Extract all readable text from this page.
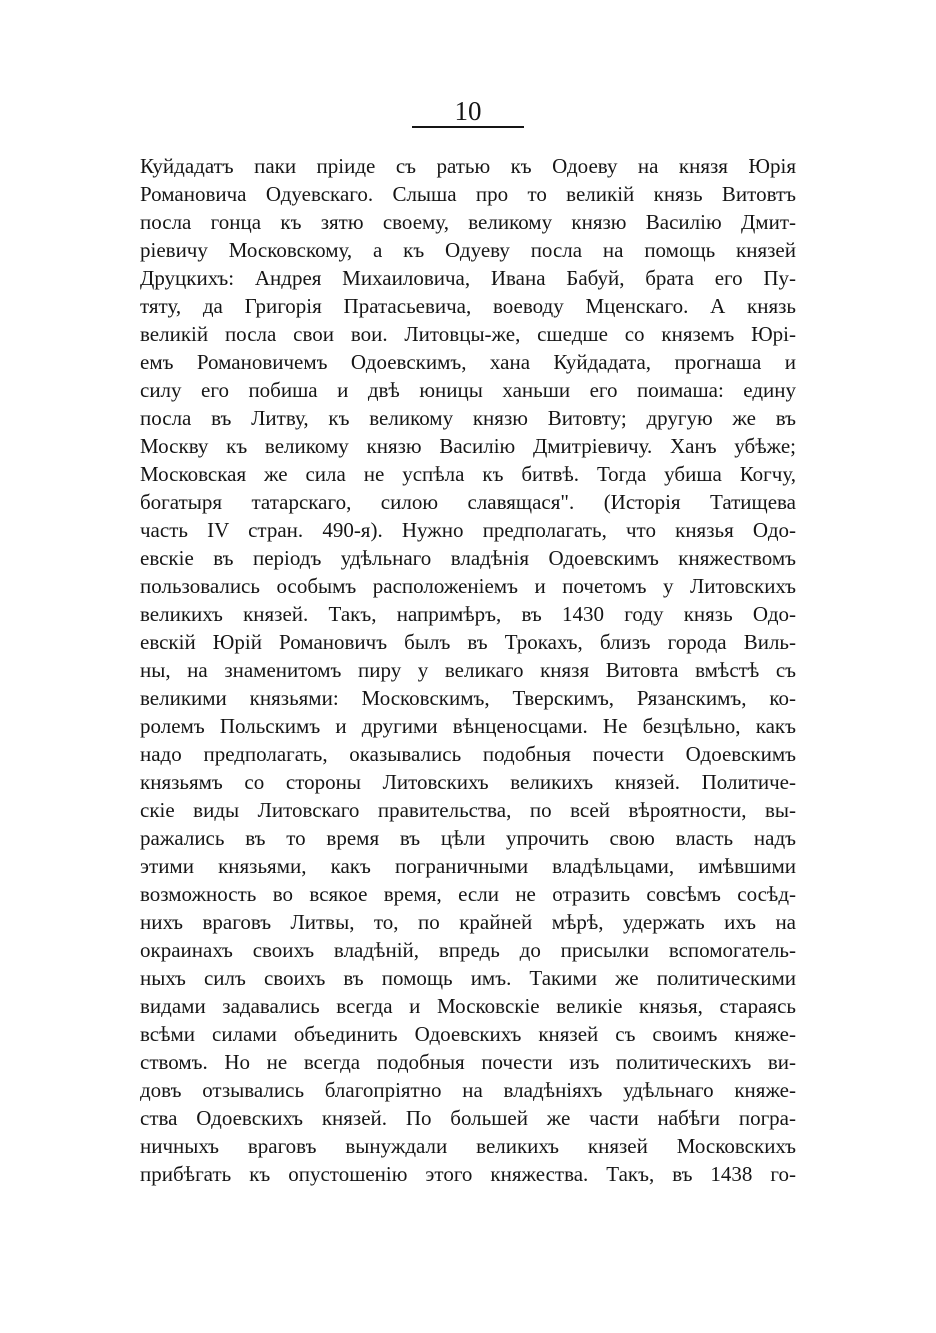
10
Куйдадатъ паки прiиде съ ратью къ Одоеву на князя Юрiя
Романовича Одуевскаго. Слыша про то великiй князь Витовтъ
посла гонца къ зятю своему, великому князю Василiю Дмит-
рiевичу Московскому, а къ Одуеву посла на помощь князей
Друцкихъ: Андрея Михаиловича, Ивана Бабуй, брата его Пу-
тяту, да Григорiя Пратасьевича, воеводу Мценскаго. А князь
великiй посла свои вои. Литовцы-же, сшедше со княземъ Юрi-
емъ Романовичемъ Одоевскимъ, хана Куйдадата, прогнаша и
силу его побиша и двѣ юницы ханьши его поимаша: едину
посла въ Литву, къ великому князю Витовту; другую же въ
Москву къ великому князю Василiю Дмитрiевичу. Ханъ убѣже;
Московская же сила не успѣла къ битвѣ. Тогда убиша Когчу,
богатыря татарскаго, силою славящася". (Исторiя Татищева
часть IV стран. 490-я). Нужно предполагать, что князья Одо-
евскiе въ перiодъ удѣльнаго владѣнiя Одоевскимъ княжествомъ
пользовались особымъ расположенiемъ и почетомъ у Литовскихъ
великихъ князей. Такъ, напримѣръ, въ 1430 году князь Одо-
евскiй Юрiй Романовичъ былъ въ Трокахъ, близъ города Виль-
ны, на знаменитомъ пиру у великаго князя Витовта вмѣстѣ съ
великими князьями: Московскимъ, Тверскимъ, Рязанскимъ, ко-
ролемъ Польскимъ и другими вѣнценосцами. Не безцѣльно, какъ
надо предполагать, оказывались подобныя почести Одоевскимъ
князьямъ со стороны Литовскихъ великихъ князей. Политиче-
скiе виды Литовскаго правительства, по всей вѣроятности, вы-
ражались въ то время въ цѣли упрочить свою власть надъ
этими князьями, какъ пограничными владѣльцами, имѣвшими
возможность во всякое время, если не отразить совсѣмъ сосѣд-
нихъ враговъ Литвы, то, по крайней мѣрѣ, удержать ихъ на
окраинахъ своихъ владѣнiй, впредь до присылки вспомогатель-
ныхъ силъ своихъ въ помощь имъ. Такими же политическими
видами задавались всегда и Московскiе великiе князья, стараясь
всѣми силами объединить Одоевскихъ князей съ своимъ княже-
ствомъ. Но не всегда подобныя почести изъ политическихъ ви-
довъ отзывались благопрiятно на владѣнiяхъ удѣльнаго княже-
ства Одоевскихъ князей. По большей же части набѣги погра-
ничныхъ враговъ вынуждали великихъ князей Московскихъ
прибѣгать къ опустошенiю этого княжества. Такъ, въ 1438 го-
